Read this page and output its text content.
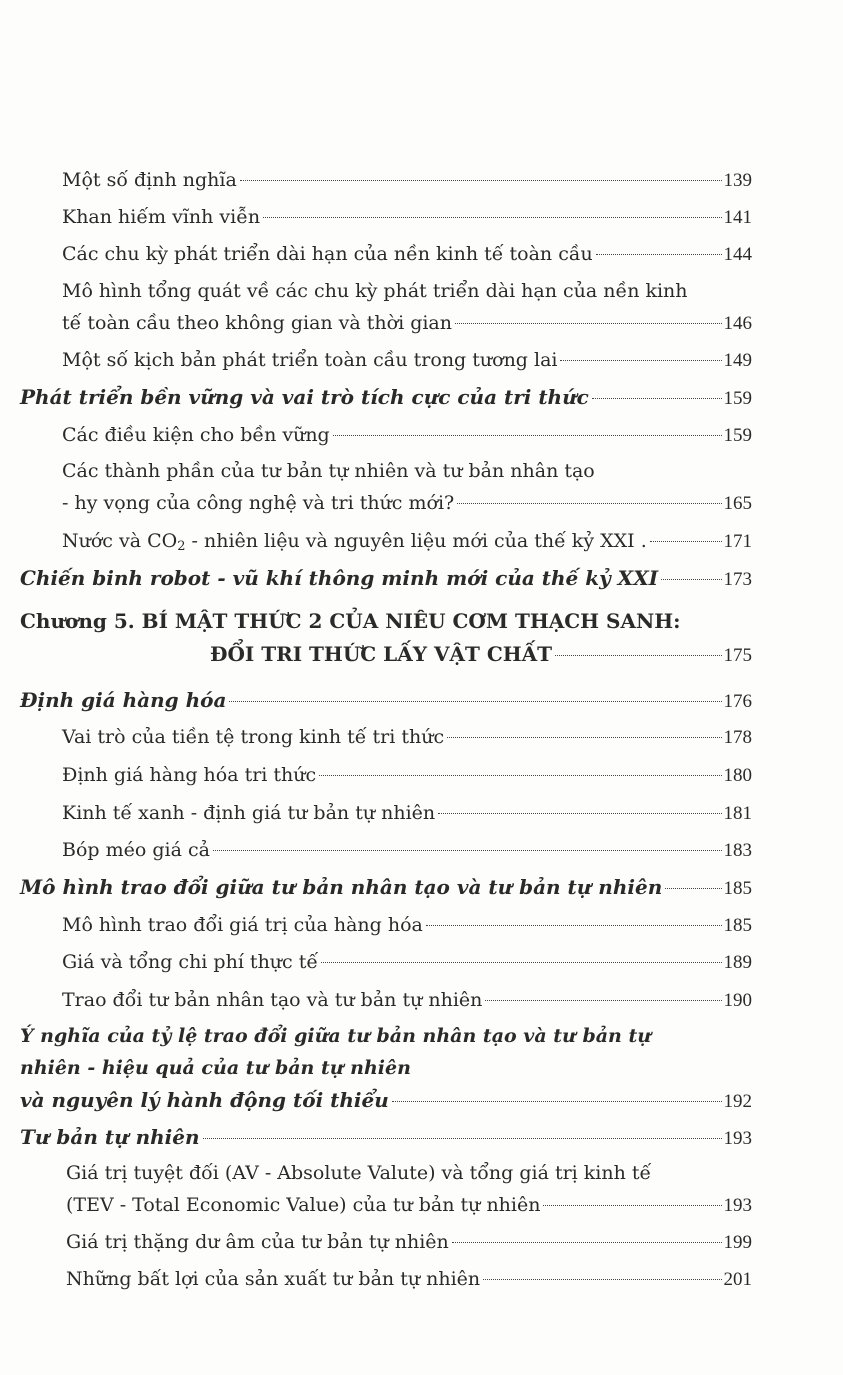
Một số định nghĩa	139
Khan hiếm vĩnh viễn	141
Các chu kỳ phát triển dài hạn của nền kinh tế toàn cầu	144
Mô hình tổng quát về các chu kỳ phát triển dài hạn của nền kinh
tế toàn cầu theo không gian và thời gian	146
Một số kịch bản phát triển toàn cầu trong tương lai	149
Phát triển bền vững và vai trò tích cực của tri thức	159
Các điều kiện cho bền vững	159
Các thành phần của tư bản tự nhiên và tư bản nhân tạo
- hy vọng của công nghệ và tri thức mới?	165
Nước và $CO_2$ - nhiên liệu và nguyên liệu mới của thế kỷ XXI .	171
Chiến binh robot - vũ khí thông minh mới của thế kỷ XXI	173
Chương 5. BÍ MẬT THỨC 2 CỦA NIÊU CƠM THẠCH SANH:
ĐỔI TRI THỨC LẤY VẬT CHẤT	175
Định giá hàng hóa	176
Vai trò của tiền tệ trong kinh tế tri thức	178
Định giá hàng hóa tri thức	180
Kinh tế xanh - định giá tư bản tự nhiên	181
Bóp méo giá cả	183
Mô hình trao đổi giữa tư bản nhân tạo và tư bản tự nhiên	185
Mô hình trao đổi giá trị của hàng hóa	185
Giá và tổng chi phí thực tế	189
Trao đổi tư bản nhân tạo và tư bản tự nhiên	190
Ý nghĩa của tỷ lệ trao đổi giữa tư bản nhân tạo và tư bản tự
nhiên - hiệu quả của tư bản tự nhiên
và nguyên lý hành động tối thiểu	192
Tư bản tự nhiên	193
Giá trị tuyệt đối (AV - Absolute Valute) và tổng giá trị kinh tế
(TEV - Total Economic Value) của tư bản tự nhiên	193
Giá trị thặng dư âm của tư bản tự nhiên	199
Những bất lợi của sản xuất tư bản tự nhiên	201
